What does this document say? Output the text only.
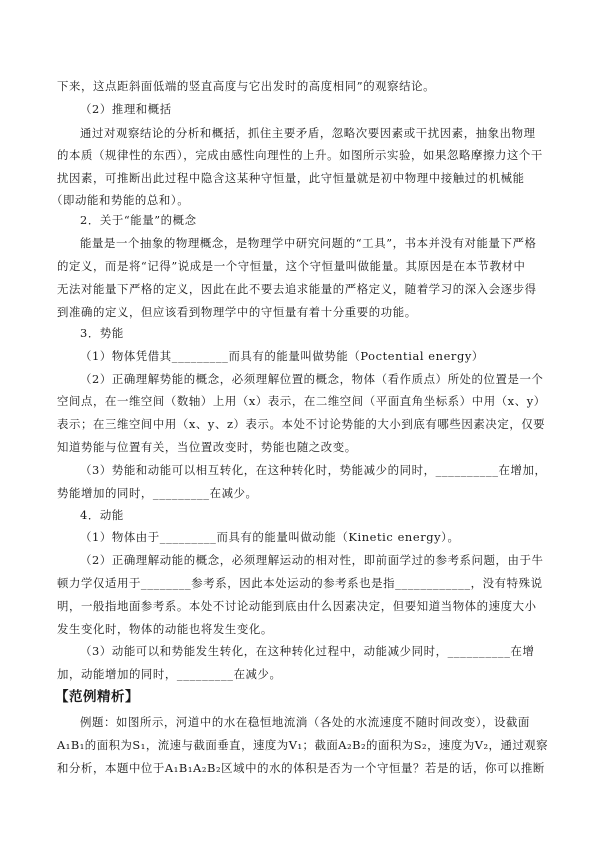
下来，这点距斜面低端的竖直高度与它出发时的高度相同”的观察结论。
（2）推理和概括
通过对观察结论的分析和概括，抓住主要矛盾，忽略次要因素或干扰因素，抽象出物理
的本质（规律性的东西），完成由感性向理性的上升。如图所示实验，如果忽略摩擦力这个干
扰因素，可推断出此过程中隐含这某种守恒量，此守恒量就是初中物理中接触过的机械能
（即动能和势能的总和）。
2．关于“能量”的概念
能量是一个抽象的物理概念，是物理学中研究问题的“工具”，书本并没有对能量下严格
的定义，而是将“记得”说成是一个守恒量，这个守恒量叫做能量。其原因是在本节教材中
无法对能量下严格的定义，因此在此不要去追求能量的严格定义，随着学习的深入会逐步得
到准确的定义，但应该看到物理学中的守恒量有着十分重要的功能。
3．势能
（1）物体凭借其_________而具有的能量叫做势能（Poctential energy）
（2）正确理解势能的概念，必须理解位置的概念，物体（看作质点）所处的位置是一个
空间点，在一维空间（数轴）上用（x）表示，在二维空间（平面直角坐标系）中用（x、y）
表示；在三维空间中用（x、y、z）表示。本处不讨论势能的大小到底有哪些因素决定，仅要
知道势能与位置有关，当位置改变时，势能也随之改变。
（3）势能和动能可以相互转化，在这种转化时，势能减少的同时，__________在增加，
势能增加的同时，_________在减少。
4．动能
（1）物体由于_________而具有的能量叫做动能（Kinetic energy）。
（2）正确理解动能的概念，必须理解运动的相对性，即前面学过的参考系问题，由于牛
顿力学仅适用于________参考系，因此本处运动的参考系也是指____________，没有特殊说
明，一般指地面参考系。本处不讨论动能到底由什么因素决定，但要知道当物体的速度大小
发生变化时，物体的动能也将发生变化。
（3）动能可以和势能发生转化，在这种转化过程中，动能减少同时，__________在增
加，动能增加的同时，_________在减少。
【范例精析】
例题：如图所示，河道中的水在稳恒地流淌（各处的水流速度不随时间改变），设截面
A₁B₁的面积为S₁，流速与截面垂直，速度为V₁；截面A₂B₂的面积为S₂，速度为V₂，通过观察
和分析，本题中位于A₁B₁A₂B₂区域中的水的体积是否为一个守恒量？若是的话，你可以推断
